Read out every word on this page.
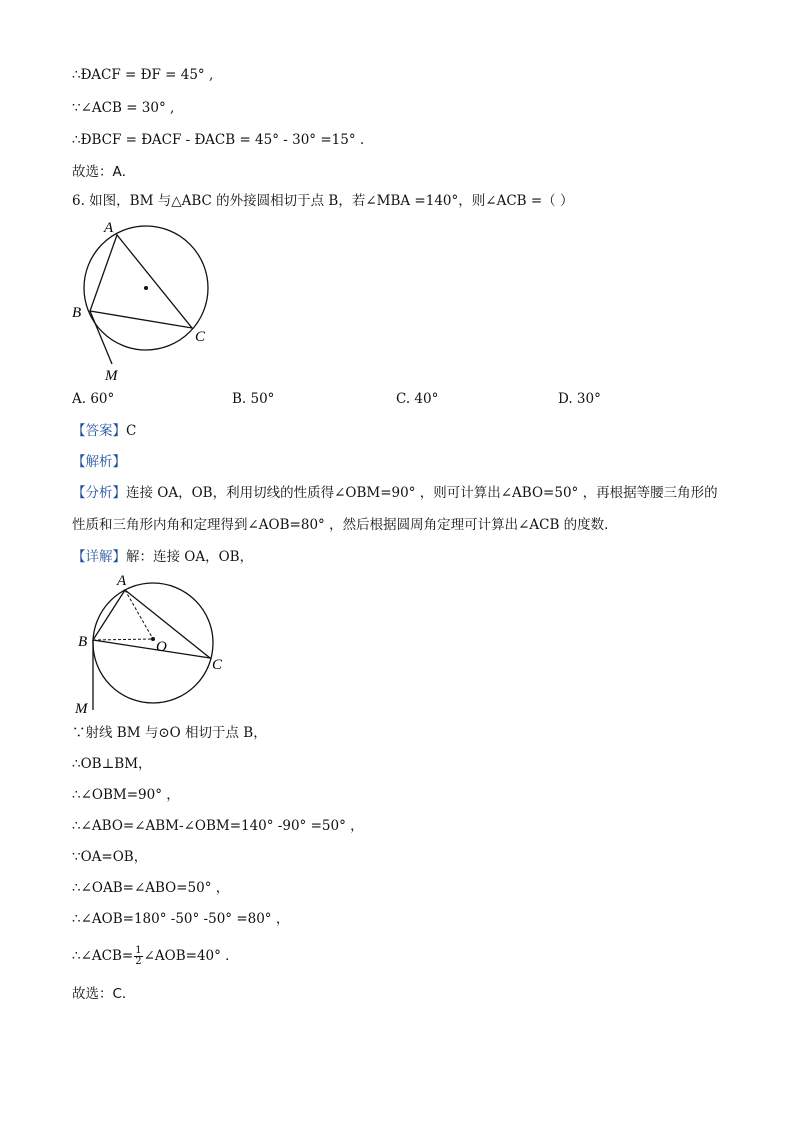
∴ÐACF = ÐF = 45° ,
∵∠ACB = 30° ,
∴ÐBCF = ÐACF - ÐACB = 45° - 30° =15° .
故选：A．
6. 如图，BM 与△ABC 的外接圆相切于点 B，若∠MBA =140°，则∠ACB =（ ）
A
B
C
M
A. 60°	B. 50°	C. 40°	D. 30°
【答案】C
【解析】
【分析】连接 OA，OB，利用切线的性质得∠OBM=90° ，则可计算出∠ABO=50° ，再根据等腰三角形的
性质和三角形内角和定理得到∠AOB=80° ，然后根据圆周角定理可计算出∠ACB 的度数．
【详解】解：连接 OA，OB，
A
B	O
C
M
∵射线 BM 与⊙O 相切于点 B，
∴OB⊥BM，
∴∠OBM=90° ，
∴∠ABO=∠ABM-∠OBM=140° -90° =50° ，
∵OA=OB，
∴∠OAB=∠ABO=50° ，
∴∠AOB=180° -50° -50° =80° ，
∴∠ACB= $\frac{1}{2}$ ∠AOB=40° ．
故选：C．
